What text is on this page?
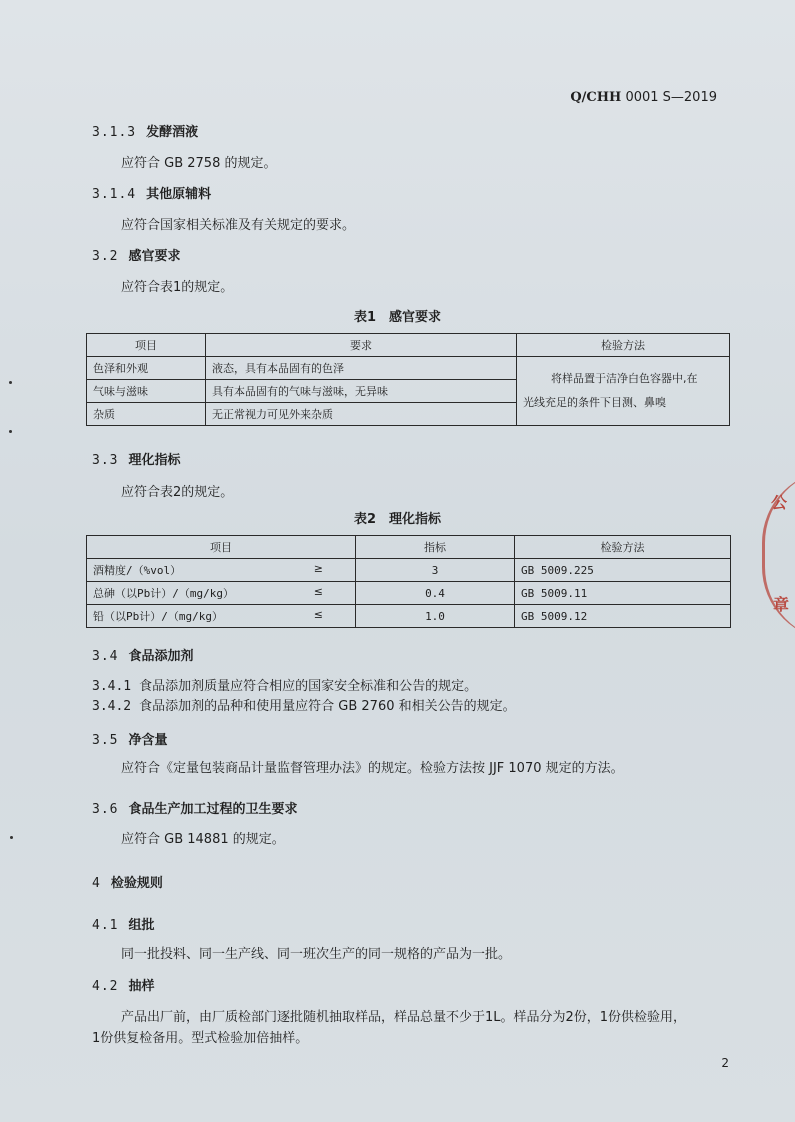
Q/CHH 0001 S—2019
3.1.3 发酵酒液
应符合 GB 2758 的规定。
3.1.4 其他原辅料
应符合国家相关标准及有关规定的要求。
3.2 感官要求
应符合表1的规定。
表1　感官要求
项目	要求	检验方法
色泽和外观	液态，具有本品固有的色泽	将样品置于洁净白色容器中,在
光线充足的条件下目测、鼻嗅

气味与滋味	具有本品固有的气味与滋味，无异味	
杂质	无正常视力可见外来杂质	
3.3 理化指标
应符合表2的规定。
表2　理化指标
项目	指标	检验方法
酒精度/（%vol） ≥	3	GB 5009.225
总砷（以Pb计）/（mg/kg） ≤	0.4	GB 5009.11
铅（以Pb计）/（mg/kg） ≤	1.0	GB 5009.12
3.4 食品添加剂
3.4.1 食品添加剂质量应符合相应的国家安全标准和公告的规定。
3.4.2 食品添加剂的品种和使用量应符合 GB 2760 和相关公告的规定。
3.5 净含量
应符合《定量包装商品计量监督管理办法》的规定。检验方法按 JJF 1070 规定的方法。
3.6 食品生产加工过程的卫生要求
应符合 GB 14881 的规定。
4 检验规则
4.1 组批
同一批投料、同一生产线、同一班次生产的同一规格的产品为一批。
4.2 抽样
产品出厂前，由厂质检部门逐批随机抽取样品，样品总量不少于1L。样品分为2份，1份供检验用，
1份供复检备用。型式检验加倍抽样。
2
公
章
